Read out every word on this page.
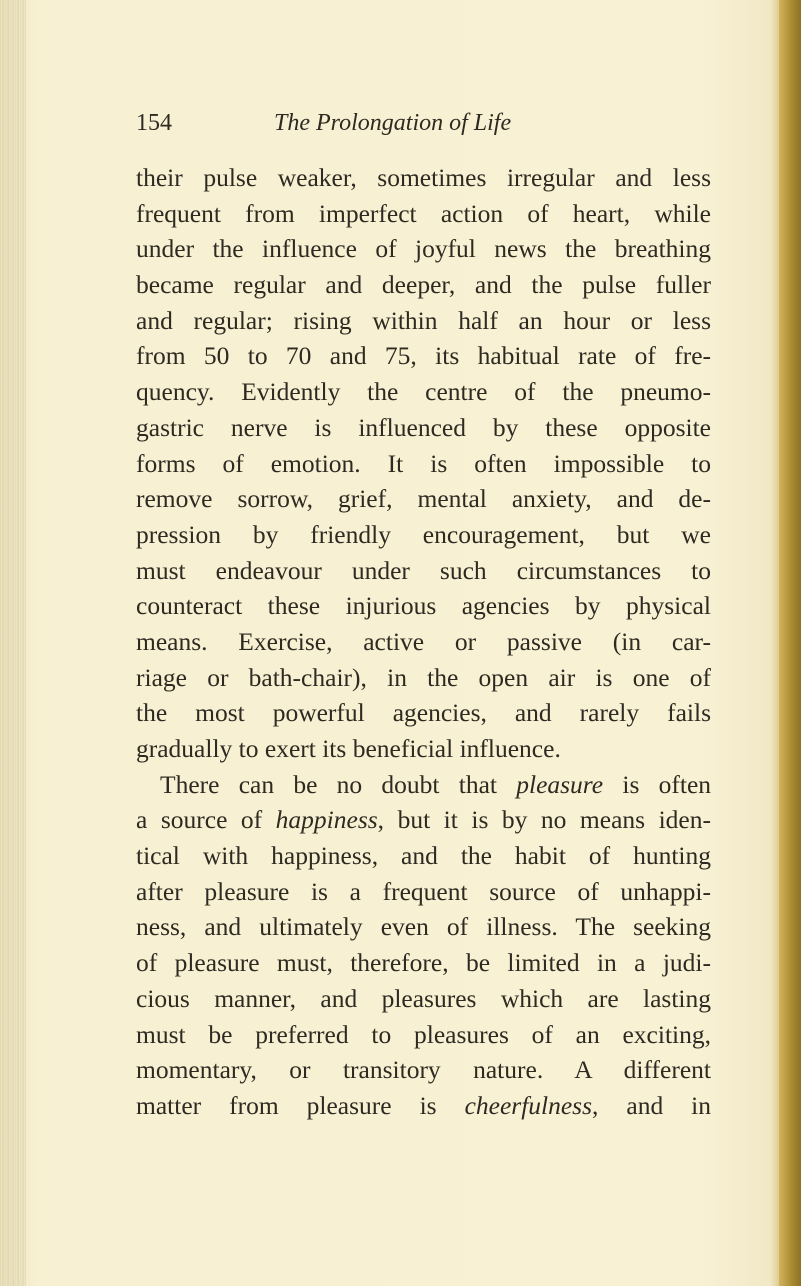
154	The Prolongation of Life
their pulse weaker, sometimes irregular and less
frequent from imperfect action of heart, while
under the influence of joyful news the breathing
became regular and deeper, and the pulse fuller
and regular; rising within half an hour or less
from 50 to 70 and 75, its habitual rate of fre-
quency. Evidently the centre of the pneumo-
gastric nerve is influenced by these opposite
forms of emotion. It is often impossible to
remove sorrow, grief, mental anxiety, and de-
pression by friendly encouragement, but we
must endeavour under such circumstances to
counteract these injurious agencies by physical
means. Exercise, active or passive (in car-
riage or bath-chair), in the open air is one of
the most powerful agencies, and rarely fails
gradually to exert its beneficial influence.
There can be no doubt that pleasure is often
a source of happiness, but it is by no means iden-
tical with happiness, and the habit of hunting
after pleasure is a frequent source of unhappi-
ness, and ultimately even of illness. The seeking
of pleasure must, therefore, be limited in a judi-
cious manner, and pleasures which are lasting
must be preferred to pleasures of an exciting,
momentary, or transitory nature. A different
matter from pleasure is cheerfulness, and in
